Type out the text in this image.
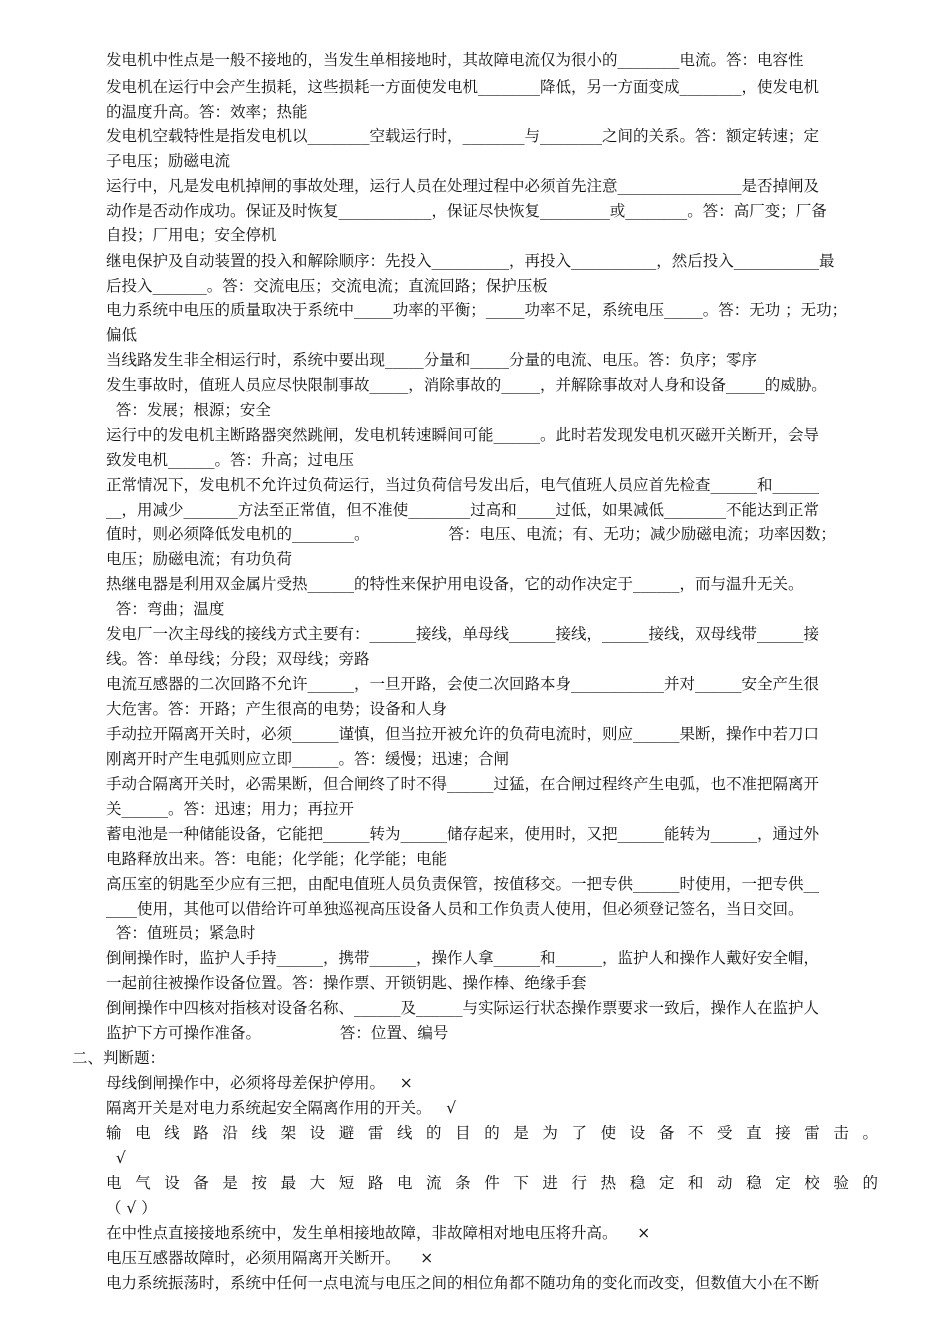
发电机中性点是一般不接地的，当发生单相接地时，其故障电流仅为很小的________电流。答：电容性
发电机在运行中会产生损耗，这些损耗一方面使发电机________降低，另一方面变成________，使发电机
的温度升高。答：效率；热能
发电机空载特性是指发电机以________空载运行时，________与________之间的关系。答：额定转速；定
子电压；励磁电流
运行中，凡是发电机掉闸的事故处理，运行人员在处理过程中必须首先注意________________是否掉闸及
动作是否动作成功。保证及时恢复____________，保证尽快恢复_________或________。答：高厂变；厂备
自投；厂用电；安全停机
继电保护及自动装置的投入和解除顺序：先投入__________，再投入___________，然后投入___________最
后投入_______。答：交流电压；交流电流；直流回路；保护压板
电力系统中电压的质量取决于系统中_____功率的平衡；_____功率不足，系统电压_____。答：无功 ；无功；
偏低
当线路发生非全相运行时，系统中要出现_____分量和_____分量的电流、电压。答：负序；零序
发生事故时，值班人员应尽快限制事故_____，消除事故的_____，并解除事故对人身和设备_____的威胁。
答：发展；根源；安全
运行中的发电机主断路器突然跳闸，发电机转速瞬间可能______。此时若发现发电机灭磁开关断开，会导
致发电机______。答：升高；过电压
正常情况下，发电机不允许过负荷运行，当过负荷信号发出后，电气值班人员应首先检查______和______
__，用减少_______方法至正常值，但不准使________过高和_____过低，如果减低________不能达到正常
值时，则必须降低发电机的________。                答：电压、电流；有、无功；减少励磁电流；功率因数；
电压；励磁电流；有功负荷
热继电器是利用双金属片受热______的特性来保护用电设备，它的动作决定于______，而与温升无关。
答：弯曲；温度
发电厂一次主母线的接线方式主要有：______接线，单母线______接线，______接线，双母线带______接
线。答：单母线；分段；双母线；旁路
电流互感器的二次回路不允许______，一旦开路，会使二次回路本身____________并对______安全产生很
大危害。答：开路；产生很高的电势；设备和人身
手动拉开隔离开关时，必须______谨慎，但当拉开被允许的负荷电流时，则应______果断，操作中若刀口
刚离开时产生电弧则应立即______。答：缓慢；迅速；合闸
手动合隔离开关时，必需果断，但合闸终了时不得______过猛，在合闸过程终产生电弧，也不准把隔离开
关______。答：迅速；用力；再拉开
蓄电池是一种储能设备，它能把______转为______储存起来，使用时，又把______能转为______，通过外
电路释放出来。答：电能；化学能；化学能；电能
高压室的钥匙至少应有三把，由配电值班人员负责保管，按值移交。一把专供______时使用，一把专供__
____使用，其他可以借给许可单独巡视高压设备人员和工作负责人使用，但必须登记签名，当日交回。
答：值班员；紧急时
倒闸操作时，监护人手持______，携带______，操作人拿______和______，监护人和操作人戴好安全帽，
一起前往被操作设备位置。答：操作票、开锁钥匙、操作棒、绝缘手套
倒闸操作中四核对指核对设备名称、______及______与实际运行状态操作票要求一致后，操作人在监护人
监护下方可操作准备。                答：位置、编号
二、判断题：
母线倒闸操作中，必须将母差保护停用。   ×
隔离开关是对电力系统起安全隔离作用的开关。   √
输电线路沿线架设避雷线的目的是为了使设备不受直接雷击。
√
电气设备是按最大短路电流条件下进行热稳定和动稳定校验的
（ √ ）
在中性点直接接地系统中，发生单相接地故障，非故障相对地电压将升高。    ×
电压互感器故障时，必须用隔离开关断开。    ×
电力系统振荡时，系统中任何一点电流与电压之间的相位角都不随功角的变化而改变，但数值大小在不断
